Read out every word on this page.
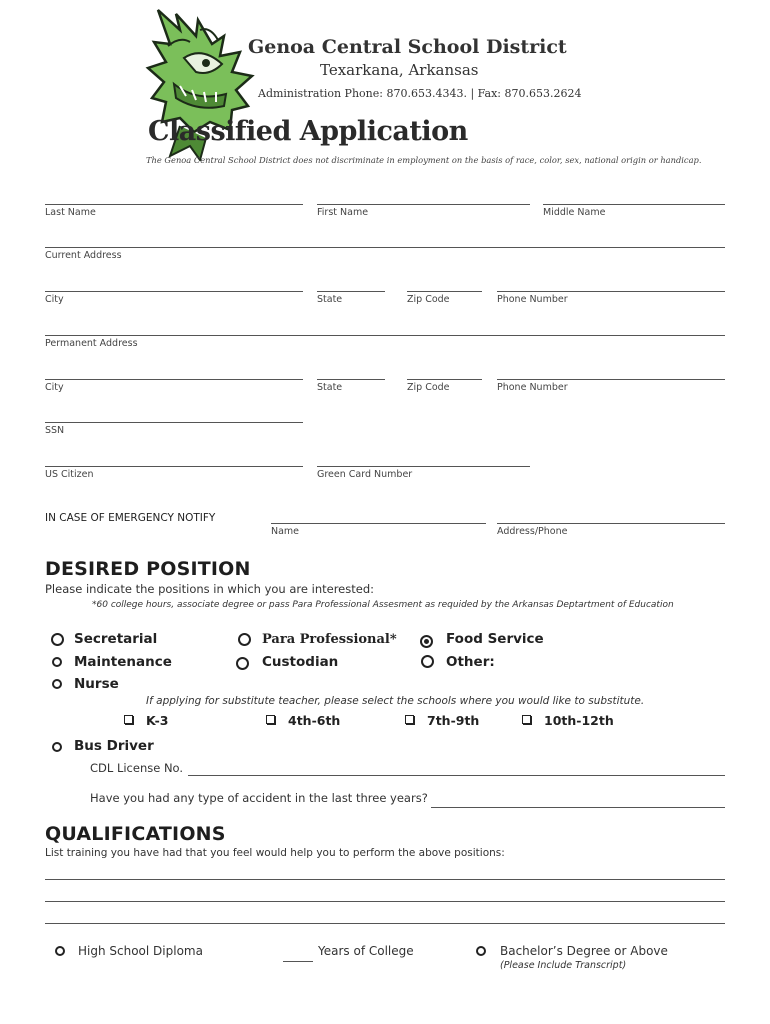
Genoa Central School District
Texarkana, Arkansas
Administration Phone: 870.653.4343. | Fax: 870.653.2624
Classified Application
The Genoa Central School District does not discriminate in employment on the basis of race, color, sex, national origin or handicap.
Last Name	First Name	Middle Name
Current Address
City	State	Zip Code	Phone Number
Permanent Address
City	State	Zip Code	Phone Number
SSN
US Citizen	Green Card Number
IN CASE OF EMERGENCY NOTIFY
Name	Address/Phone
DESIRED POSITION
Please indicate the positions in which you are interested:
*60 college hours, associate degree or pass Para Professional Assesment as requided by the Arkansas Deptartment of Education
Secretarial	Para Professional*	Food Service
Maintenance	Custodian	Other:
Nurse
If applying for substitute teacher, please select the schools where you would like to substitute.
K-3	4th-6th	7th-9th	10th-12th
Bus Driver
CDL License No.
Have you had any type of accident in the last three years?
QUALIFICATIONS
List training you have had that you feel would help you to perform the above positions:
High School Diploma	Years of College	Bachelor’s Degree or Above
(Please Include Transcript)
